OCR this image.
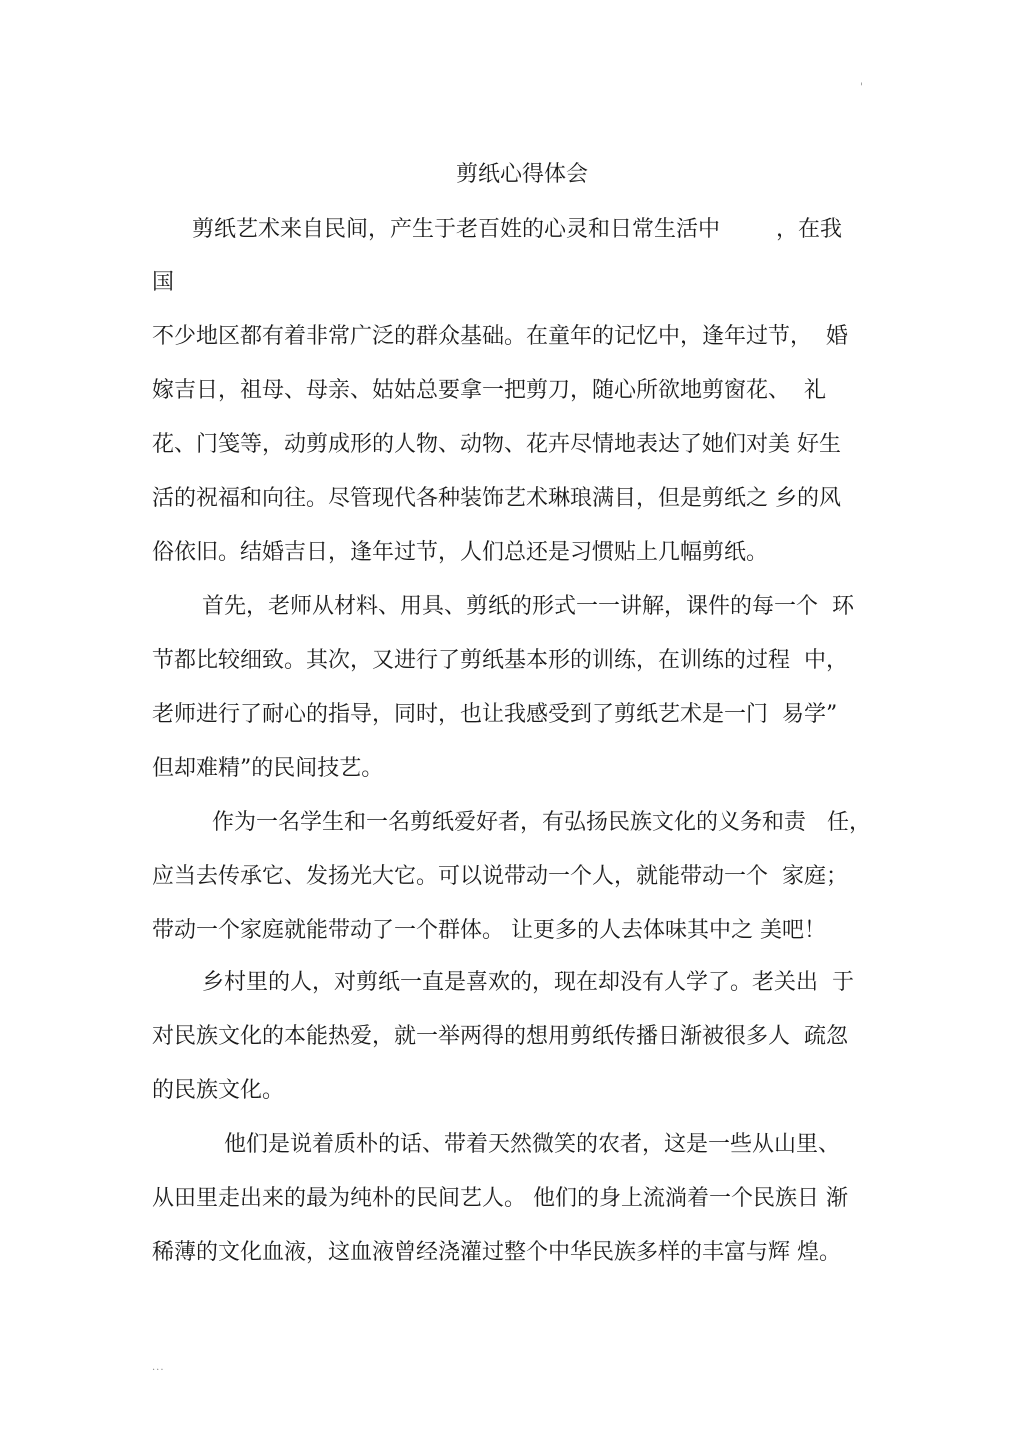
'
剪纸心得体会
剪纸艺术来自民间，产生于老百姓的心灵和日常生活中        ，在我
国
不少地区都有着非常广泛的群众基础。在童年的记忆中，逢年过节，  婚
嫁吉日，祖母、母亲、姑姑总要拿一把剪刀，随心所欲地剪窗花、  礼
花、门笺等，动剪成形的人物、动物、花卉尽情地表达了她们对美 好生
活的祝福和向往。尽管现代各种装饰艺术琳琅满目，但是剪纸之 乡的风
俗依旧。结婚吉日，逢年过节，人们总还是习惯贴上几幅剪纸。
首先，老师从材料、用具、剪纸的形式一一讲解，课件的每一个  环
节都比较细致。其次，又进行了剪纸基本形的训练，在训练的过程  中，
老师进行了耐心的指导，同时，也让我感受到了剪纸艺术是一门  易学”
但却难精”的民间技艺。
作为一名学生和一名剪纸爱好者，有弘扬民族文化的义务和责   任，
应当去传承它、发扬光大它。可以说带动一个人，就能带动一个  家庭；
带动一个家庭就能带动了一个群体。 让更多的人去体味其中之 美吧！
乡村里的人，对剪纸一直是喜欢的，现在却没有人学了。老关出  于
对民族文化的本能热爱，就一举两得的想用剪纸传播日渐被很多人  疏忽
的民族文化。
他们是说着质朴的话、带着天然微笑的农者，这是一些从山里、
从田里走出来的最为纯朴的民间艺人。 他们的身上流淌着一个民族日 渐
稀薄的文化血液，这血液曾经浇灌过整个中华民族多样的丰富与辉 煌。
...
